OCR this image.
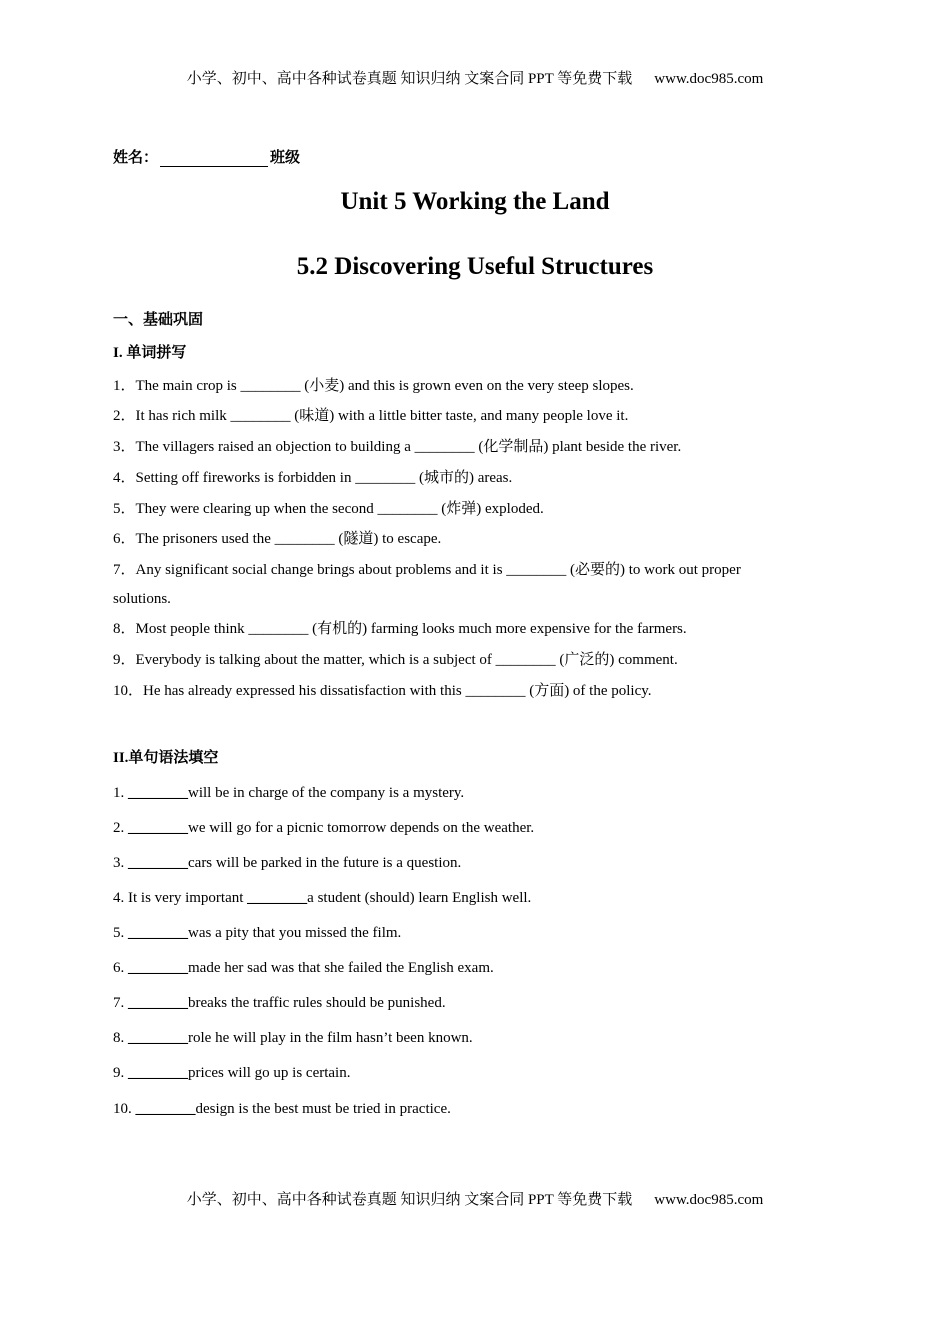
小学、初中、高中各种试卷真题 知识归纳 文案合同 PPT 等免费下载 www.doc985.com
姓名：	班级
Unit 5 Working the Land
5.2 Discovering Useful Structures
一、基础巩固
I. 单词拼写
1．The main crop is ________ (小麦) and this is grown even on the very steep slopes.
2．It has rich milk ________ (味道) with a little bitter taste, and many people love it.
3．The villagers raised an objection to building a ________ (化学制品) plant beside the river.
4．Setting off fireworks is forbidden in ________ (城市的) areas.
5．They were clearing up when the second ________ (炸弹) exploded.
6．The prisoners used the ________ (隧道) to escape.
7．Any significant social change brings about problems and it is ________ (必要的) to work out proper
solutions.
8．Most people think ________ (有机的) farming looks much more expensive for the farmers.
9．Everybody is talking about the matter, which is a subject of ________ (广泛的) comment.
10．He has already expressed his dissatisfaction with this ________ (方面) of the policy.
II.单句语法填空
1. ________will be in charge of the company is a mystery.
2. ________we will go for a picnic tomorrow depends on the weather.
3. ________cars will be parked in the future is a question.
4. It is very important ________a student (should) learn English well.
5. ________was a pity that you missed the film.
6. ________made her sad was that she failed the English exam.
7. ________breaks the traffic rules should be punished.
8. ________role he will play in the film hasn’t been known.
9. ________prices will go up is certain.
10. ________design is the best must be tried in practice.
小学、初中、高中各种试卷真题 知识归纳 文案合同 PPT 等免费下载 www.doc985.com
